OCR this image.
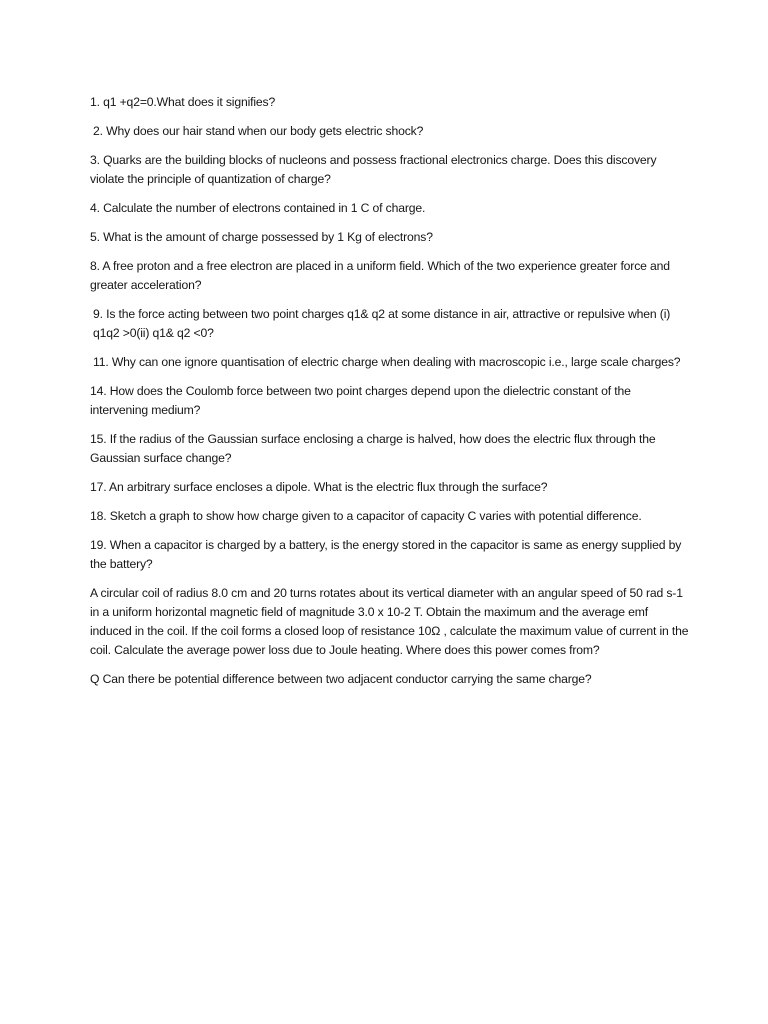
1. q1 +q2=0.What does it signifies?
2. Why does our hair stand when our body gets electric shock?
3. Quarks are the building blocks of nucleons and possess fractional electronics charge. Does this discovery violate the principle of quantization of charge?
4. Calculate the number of electrons contained in 1 C of charge.
5. What is the amount of charge possessed by 1 Kg of electrons?
8. A free proton and a free electron are placed in a uniform field. Which of the two experience greater force and greater acceleration?
9. Is the force acting between two point charges q1& q2 at some distance in air, attractive or repulsive when (i) q1q2 >0(ii) q1& q2 <0?
11. Why can one ignore quantisation of electric charge when dealing with macroscopic i.e., large scale charges?
14. How does the Coulomb force between two point charges depend upon the dielectric constant of the intervening medium?
15. If the radius of the Gaussian surface enclosing a charge is halved, how does the electric flux through the Gaussian surface change?
17. An arbitrary surface encloses a dipole. What is the electric flux through the surface?
18. Sketch a graph to show how charge given to a capacitor of capacity C varies with potential difference.
19. When a capacitor is charged by a battery, is the energy stored in the capacitor is same as energy supplied by the battery?
A circular coil of radius 8.0 cm and 20 turns rotates about its vertical diameter with an angular speed of 50 rad s-1 in a uniform horizontal magnetic field of magnitude 3.0 x 10-2 T. Obtain the maximum and the average emf induced in the coil. If the coil forms a closed loop of resistance 10Ω , calculate the maximum value of current in the coil. Calculate the average power loss due to Joule heating. Where does this power comes from?
Q Can there be potential difference between two adjacent conductor carrying the same charge?
